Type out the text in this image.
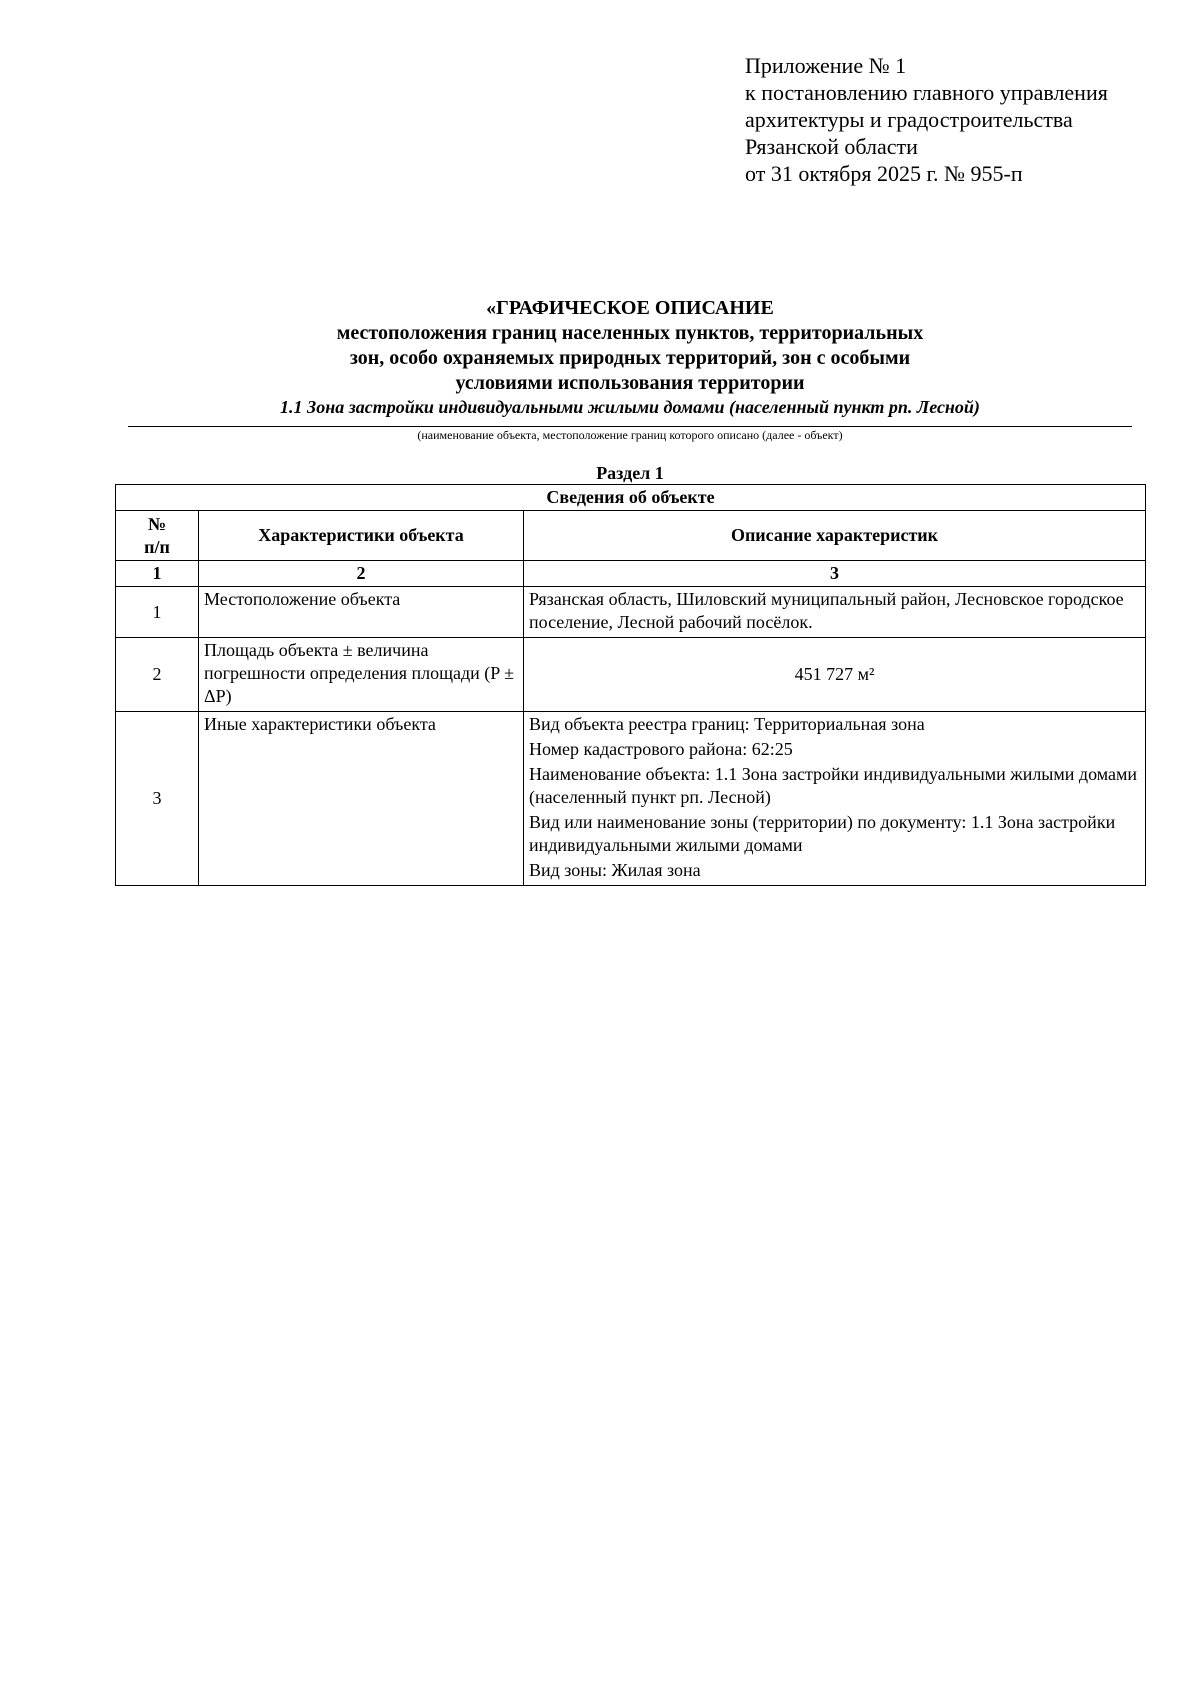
Приложение № 1
к постановлению главного управления
архитектуры и градостроительства
Рязанской области
от 31 октября 2025 г. № 955-п
«ГРАФИЧЕСКОЕ ОПИСАНИЕ
местоположения границ населенных пунктов, территориальных
зон, особо охраняемых природных территорий, зон с особыми
условиями использования территории
1.1 Зона застройки индивидуальными жилыми домами (населенный пункт рп. Лесной)
(наименование объекта, местоположение границ которого описано (далее - объект)
Раздел 1
Сведения об объекте		

№
п/п	Характеристики объекта	Описание характеристик
1	2	3
1	Местоположение объекта	Рязанская область, Шиловский муниципальный район, Лесновское городское поселение, Лесной рабочий посёлок.

2	Площадь объекта ± величина погрешности определения площади (P ± ΔP)	451 727 м²

3	Иные характеристики объекта	Вид объекта реестра границ: Территориальная зона
Номер кадастрового района: 62:25
Наименование объекта: 1.1 Зона застройки индивидуальными жилыми домами (населенный пункт рп. Лесной)
Вид или наименование зоны (территории) по документу: 1.1 Зона застройки индивидуальными жилыми домами
Вид зоны: Жилая зона
